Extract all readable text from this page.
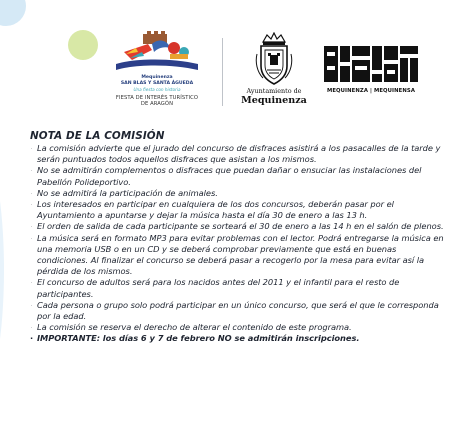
Mequinenza
SAN BLAS Y SANTA ÁGUEDA
Una fiesta con historia
FIESTA DE INTERÉS TURÍSTICO
DE ARAGÓN
Ayuntamiento de
Mequinenza
MEQUINENZA | MEQUINENSA
NOTA DE LA COMISIÓN
· La comisión advierte que el jurado del concurso de disfraces asistirá a los pasacalles de la tarde y serán puntuados todos aquellos disfraces que asistan a los mismos.
· No se admitirán complementos o disfraces que puedan dañar o ensuciar las instalaciones del Pabellón Polideportivo.
· No se admitirá la participación de animales.
· Los interesados en participar en cualquiera de los dos concursos, deberán pasar por el Ayuntamiento a apuntarse y dejar la música hasta el día 30 de enero a las 13 h.
· El orden de salida de cada participante se sorteará el 30 de enero a las 14 h en el salón de plenos.
· La música será en formato MP3 para evitar problemas con el lector. Podrá entregarse la música en una memoria USB o en un CD y se deberá comprobar previamente que está en buenas condiciones. Al finalizar el concurso se deberá pasar a recogerlo por la mesa para evitar así la pérdida de los mismos.
· El concurso de adultos será para los nacidos antes del 2011 y el infantil para el resto de participantes.
· Cada persona o grupo solo podrá participar en un único concurso, que será el que le corresponda por la edad.
· La comisión se reserva el derecho de alterar el contenido de este programa.
· IMPORTANTE: los días 6 y 7 de febrero NO se admitirán inscripciones.
